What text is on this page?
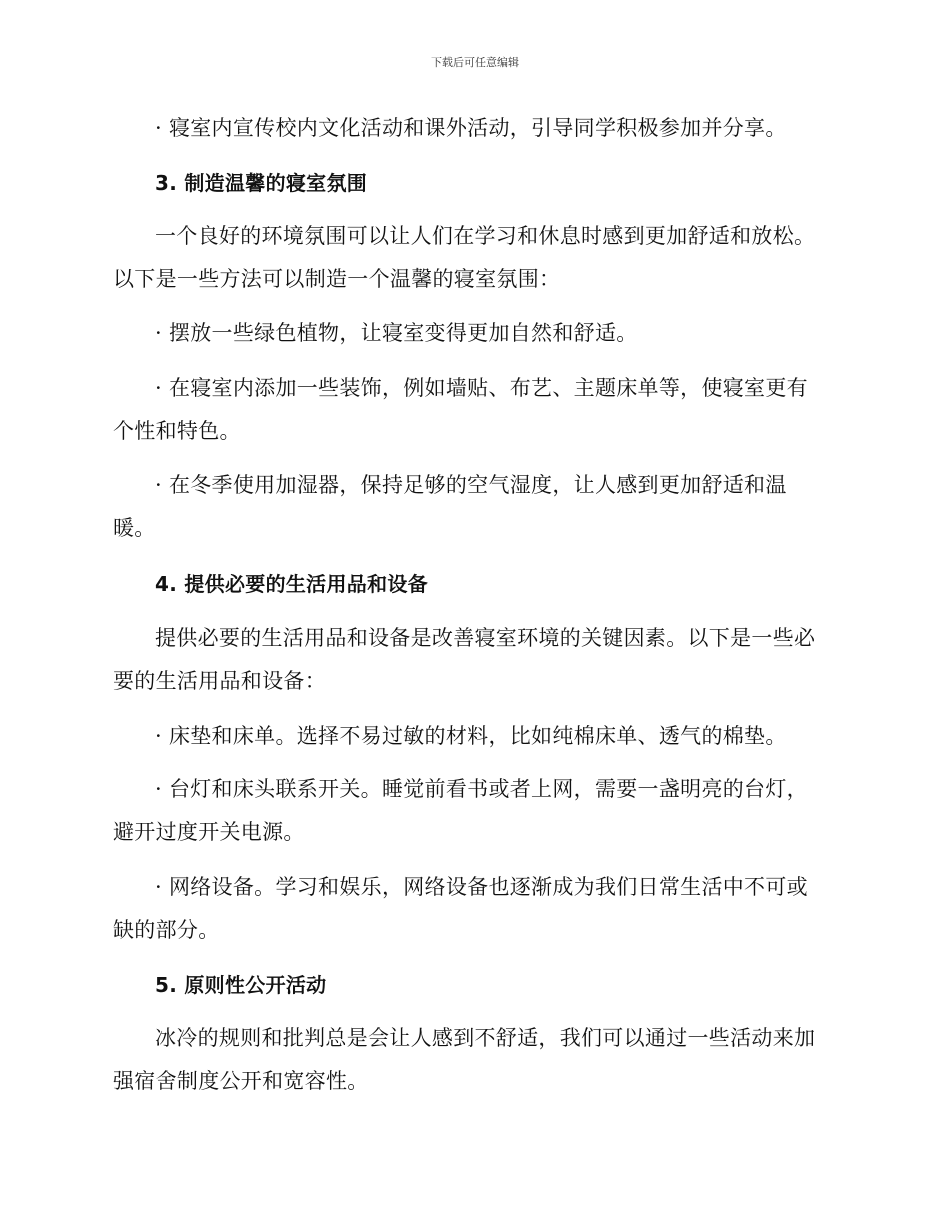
下载后可任意编辑
· 寝室内宣传校内文化活动和课外活动，引导同学积极参加并分享。
3. 制造温馨的寝室氛围
一个良好的环境氛围可以让人们在学习和休息时感到更加舒适和放松。
以下是一些方法可以制造一个温馨的寝室氛围：
· 摆放一些绿色植物，让寝室变得更加自然和舒适。
· 在寝室内添加一些装饰，例如墙贴、布艺、主题床单等，使寝室更有
个性和特色。
· 在冬季使用加湿器，保持足够的空气湿度，让人感到更加舒适和温
暖。
4. 提供必要的生活用品和设备
提供必要的生活用品和设备是改善寝室环境的关键因素。以下是一些必
要的生活用品和设备：
· 床垫和床单。选择不易过敏的材料，比如纯棉床单、透气的棉垫。
· 台灯和床头联系开关。睡觉前看书或者上网，需要一盏明亮的台灯，
避开过度开关电源。
· 网络设备。学习和娱乐，网络设备也逐渐成为我们日常生活中不可或
缺的部分。
5. 原则性公开活动
冰冷的规则和批判总是会让人感到不舒适，我们可以通过一些活动来加
强宿舍制度公开和宽容性。
